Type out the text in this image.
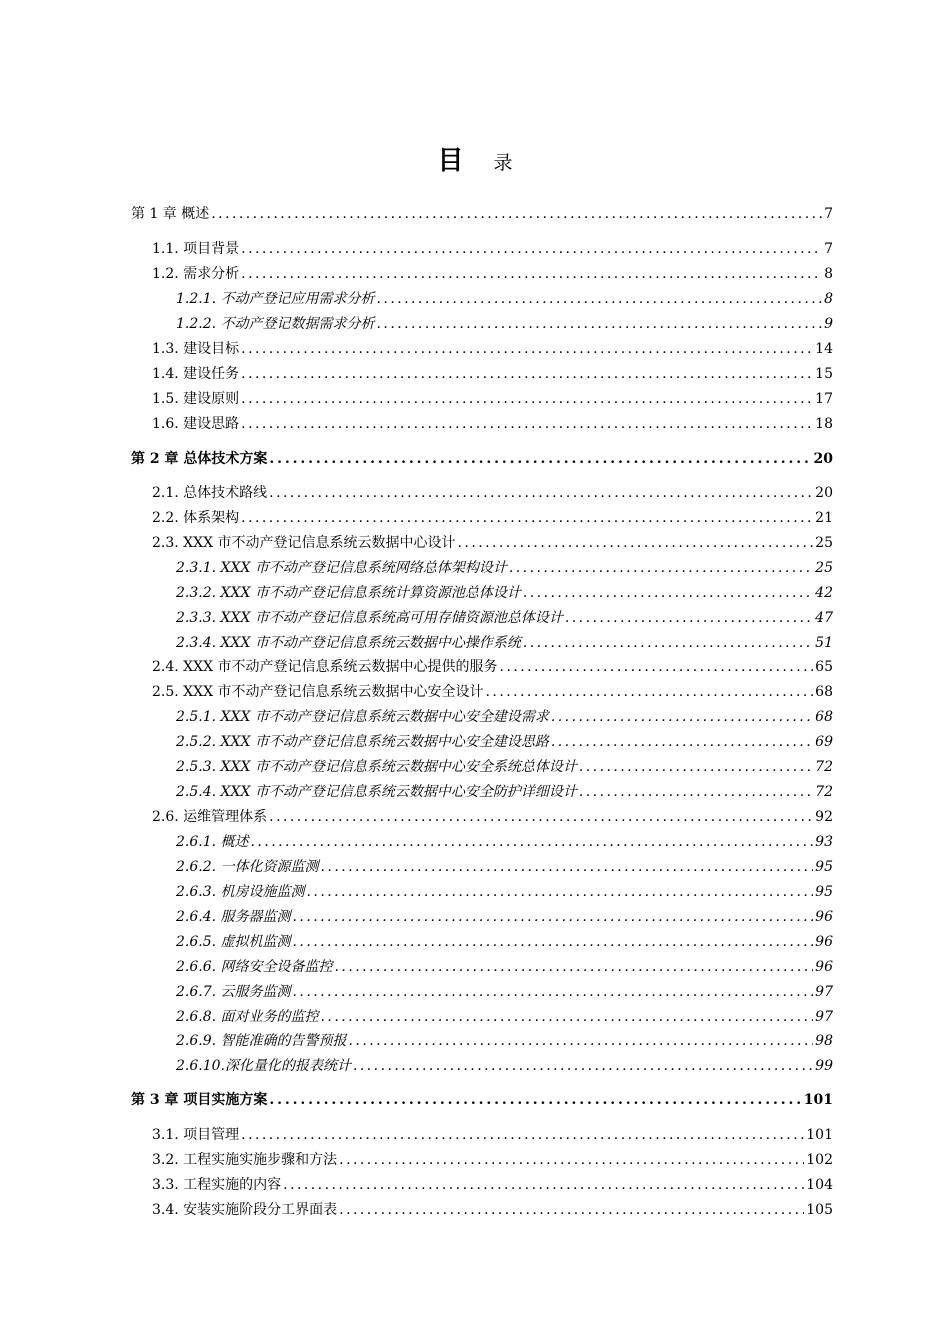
目 录
第 1 章 概述 . . .	7
1.1. 项目背景 . . .	7
1.2. 需求分析 . . .	8
1.2.1. 不动产登记应用需求分析 . . .	8
1.2.2. 不动产登记数据需求分析 . . .	9
1.3. 建设目标 . . .	14
1.4. 建设任务 . . .	15
1.5. 建设原则 . . .	17
1.6. 建设思路 . . .	18
第 2 章 总体技术方案 . . .	20
2.1. 总体技术路线 . . .	20
2.2. 体系架构 . . .	21
2.3. XXX 市不动产登记信息系统云数据中心设计 . . .	25
2.3.1. XXX 市不动产登记信息系统网络总体架构设计 . . .	25
2.3.2. XXX 市不动产登记信息系统计算资源池总体设计 . . .	42
2.3.3. XXX 市不动产登记信息系统高可用存储资源池总体设计 . . .	47
2.3.4. XXX 市不动产登记信息系统云数据中心操作系统 . . .	51
2.4. XXX 市不动产登记信息系统云数据中心提供的服务 . . .	65
2.5. XXX 市不动产登记信息系统云数据中心安全设计 . . .	68
2.5.1. XXX 市不动产登记信息系统云数据中心安全建设需求 . . .	68
2.5.2. XXX 市不动产登记信息系统云数据中心安全建设思路 . . .	69
2.5.3. XXX 市不动产登记信息系统云数据中心安全系统总体设计 . . .	72
2.5.4. XXX 市不动产登记信息系统云数据中心安全防护详细设计 . . .	72
2.6. 运维管理体系 . . .	92
2.6.1. 概述 . . .	93
2.6.2. 一体化资源监测 . . .	95
2.6.3. 机房设施监测 . . .	95
2.6.4. 服务器监测 . . .	96
2.6.5. 虚拟机监测 . . .	96
2.6.6. 网络安全设备监控 . . .	96
2.6.7. 云服务监测 . . .	97
2.6.8. 面对业务的监控 . . .	97
2.6.9. 智能准确的告警预报 . . .	98
2.6.10.深化量化的报表统计 . . .	99
第 3 章 项目实施方案 . . .	101
3.1. 项目管理 . . .	101
3.2. 工程实施实施步骤和方法 . . .	102
3.3. 工程实施的内容 . . .	104
3.4. 安装实施阶段分工界面表 . . .	105
